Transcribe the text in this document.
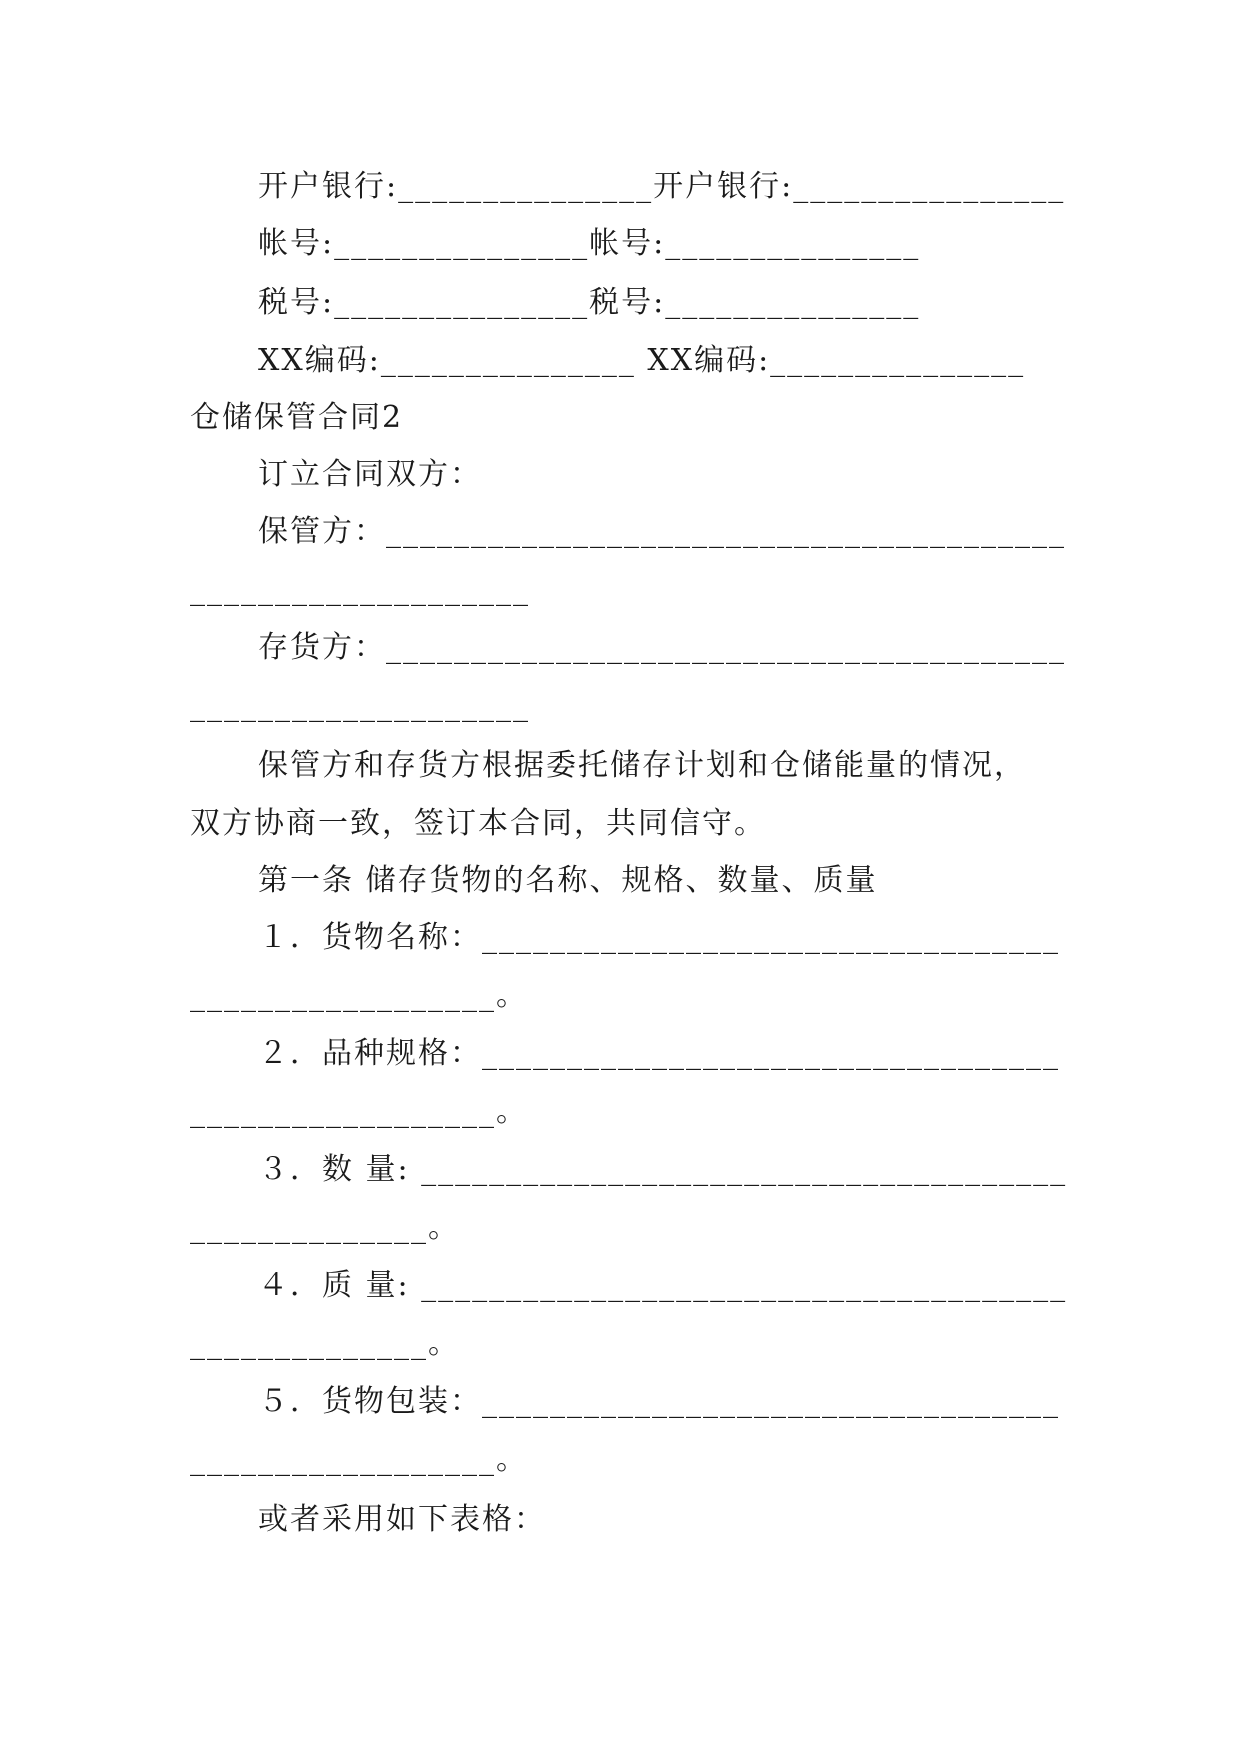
开户银行:_______________开户银行:________________
帐号:_______________帐号:_______________
税号:_______________税号:_______________
XX编码:_______________ XX编码:_______________
仓储保管合同2
订立合同双方：
保管方：________________________________________
____________________
存货方：________________________________________
____________________
保管方和存货方根据委托储存计划和仓储能量的情况，
双方协商一致，签订本合同，共同信守。
第一条 储存货物的名称、规格、数量、质量
１．货物名称：__________________________________
__________________。
２．品种规格：__________________________________
__________________。
３．数 量: ______________________________________
______________。
４．质 量: ______________________________________
______________。
５．货物包装：__________________________________
__________________。
或者采用如下表格：
